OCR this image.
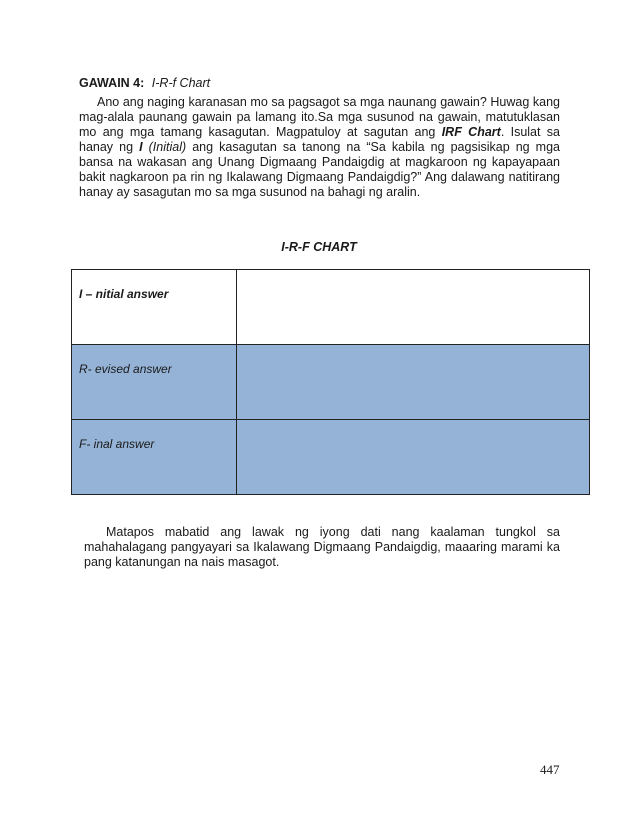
GAWAIN 4: I-R-f Chart

Ano ang naging karanasan mo sa pagsagot sa mga naunang gawain? Huwag kang mag-alala paunang gawain pa lamang ito.Sa mga susunod na gawain, matutuklasan mo ang mga tamang kasagutan. Magpatuloy at sagutan ang IRF Chart. Isulat sa hanay ng I (Initial) ang kasagutan sa tanong na “Sa kabila ng pagsisikap ng mga bansa na wakasan ang Unang Digmaang Pandaigdig at magkaroon ng kapayapaan bakit nagkaroon pa rin ng Ikalawang Digmaang Pandaigdig?” Ang dalawang natitirang hanay ay sasagutan mo sa mga susunod na bahagi ng aralin.

I-R-F CHART
I – nitial answer	
R- evised answer	
F- inal answer	

Matapos mabatid ang lawak ng iyong dati nang kaalaman tungkol sa mahahalagang pangyayari sa Ikalawang Digmaang Pandaigdig, maaaring marami ka pang katanungan na nais masagot.

447
